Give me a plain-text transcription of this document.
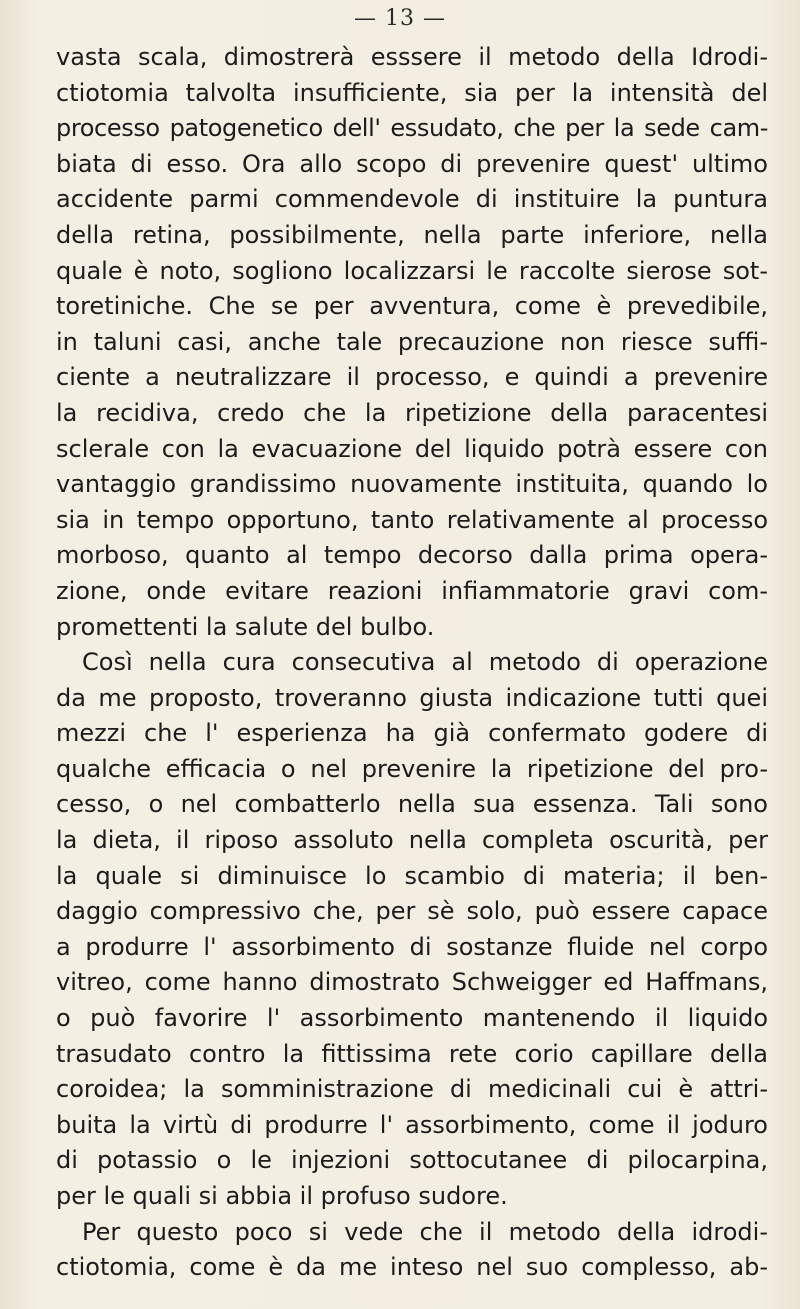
— 13 —
vasta scala, dimostrerà esssere il metodo della Idrodi-
ctiotomia talvolta insufficiente, sia per la intensità del
processo patogenetico dell' essudato, che per la sede cam-
biata di esso. Ora allo scopo di prevenire quest' ultimo
accidente parmi commendevole di instituire la puntura
della retina, possibilmente, nella parte inferiore, nella
quale è noto, sogliono localizzarsi le raccolte sierose sot-
toretiniche. Che se per avventura, come è prevedibile,
in taluni casi, anche tale precauzione non riesce suffi-
ciente a neutralizzare il processo, e quindi a prevenire
la recidiva, credo che la ripetizione della paracentesi
sclerale con la evacuazione del liquido potrà essere con
vantaggio grandissimo nuovamente instituita, quando lo
sia in tempo opportuno, tanto relativamente al processo
morboso, quanto al tempo decorso dalla prima opera-
zione, onde evitare reazioni infiammatorie gravi com-
promettenti la salute del bulbo.
Così nella cura consecutiva al metodo di operazione
da me proposto, troveranno giusta indicazione tutti quei
mezzi che l' esperienza ha già confermato godere di
qualche efficacia o nel prevenire la ripetizione del pro-
cesso, o nel combatterlo nella sua essenza. Tali sono
la dieta, il riposo assoluto nella completa oscurità, per
la quale si diminuisce lo scambio di materia; il ben-
daggio compressivo che, per sè solo, può essere capace
a produrre l' assorbimento di sostanze fluide nel corpo
vitreo, come hanno dimostrato Schweigger ed Haffmans,
o può favorire l' assorbimento mantenendo il liquido
trasudato contro la fittissima rete corio capillare della
coroidea; la somministrazione di medicinali cui è attri-
buita la virtù di produrre l' assorbimento, come il joduro
di potassio o le injezioni sottocutanee di pilocarpina,
per le quali si abbia il profuso sudore.
Per questo poco si vede che il metodo della idrodi-
ctiotomia, come è da me inteso nel suo complesso, ab-
